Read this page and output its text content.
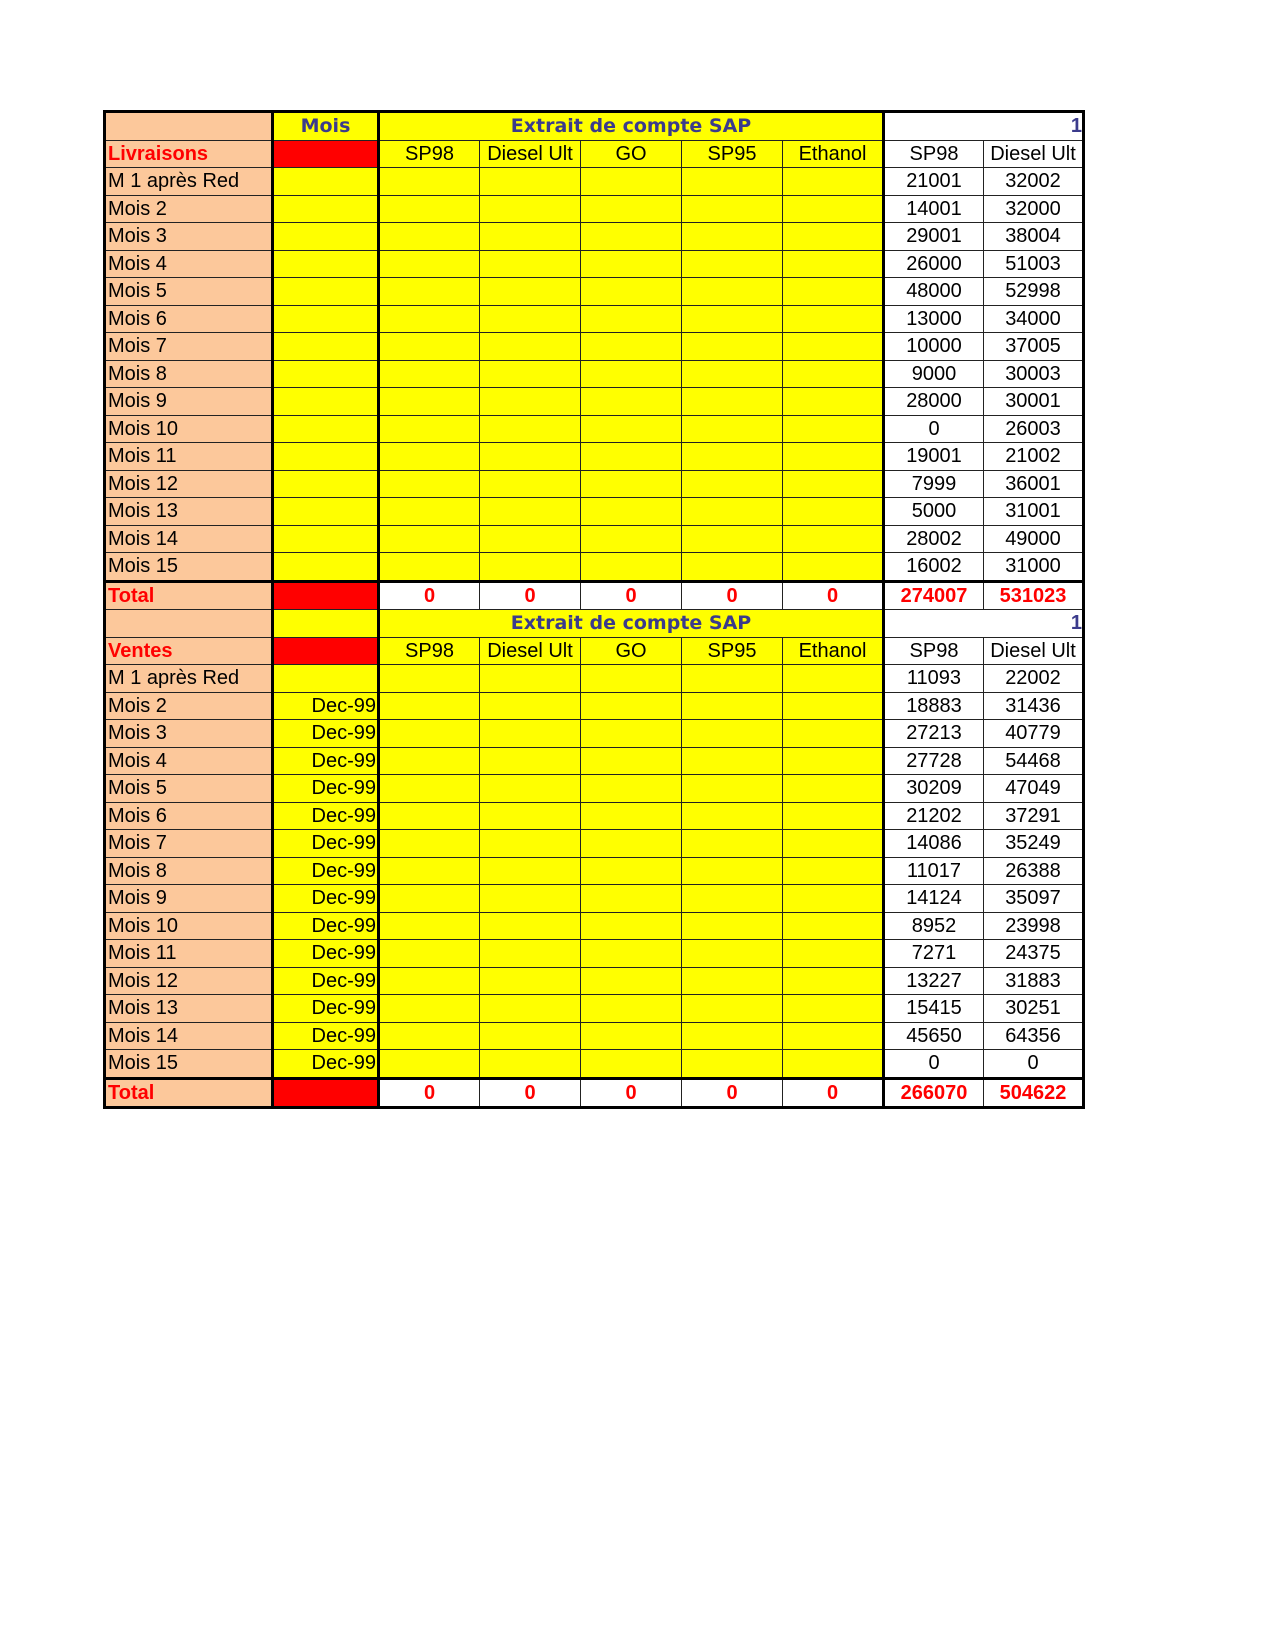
	Mois	Extrait de compte SAP					1	
Livraisons		SP98	Diesel Ult	GO	SP95	Ethanol	SP98	Diesel Ult
M 1 après Red							21001	32002
Mois 2							14001	32000
Mois 3							29001	38004
Mois 4							26000	51003
Mois 5							48000	52998
Mois 6							13000	34000
Mois 7							10000	37005
Mois 8							9000	30003
Mois 9							28000	30001
Mois 10							0	26003
Mois 11							19001	21002
Mois 12							7999	36001
Mois 13							5000	31001
Mois 14							28002	49000
Mois 15							16002	31000
Total		0	0	0	0	0	274007	531023
		Extrait de compte SAP					1	
Ventes		SP98	Diesel Ult	GO	SP95	Ethanol	SP98	Diesel Ult
M 1 après Red							11093	22002
Mois 2	Dec-99						18883	31436
Mois 3	Dec-99						27213	40779
Mois 4	Dec-99						27728	54468
Mois 5	Dec-99						30209	47049
Mois 6	Dec-99						21202	37291
Mois 7	Dec-99						14086	35249
Mois 8	Dec-99						11017	26388
Mois 9	Dec-99						14124	35097
Mois 10	Dec-99						8952	23998
Mois 11	Dec-99						7271	24375
Mois 12	Dec-99						13227	31883
Mois 13	Dec-99						15415	30251
Mois 14	Dec-99						45650	64356
Mois 15	Dec-99						0	0
Total		0	0	0	0	0	266070	504622
